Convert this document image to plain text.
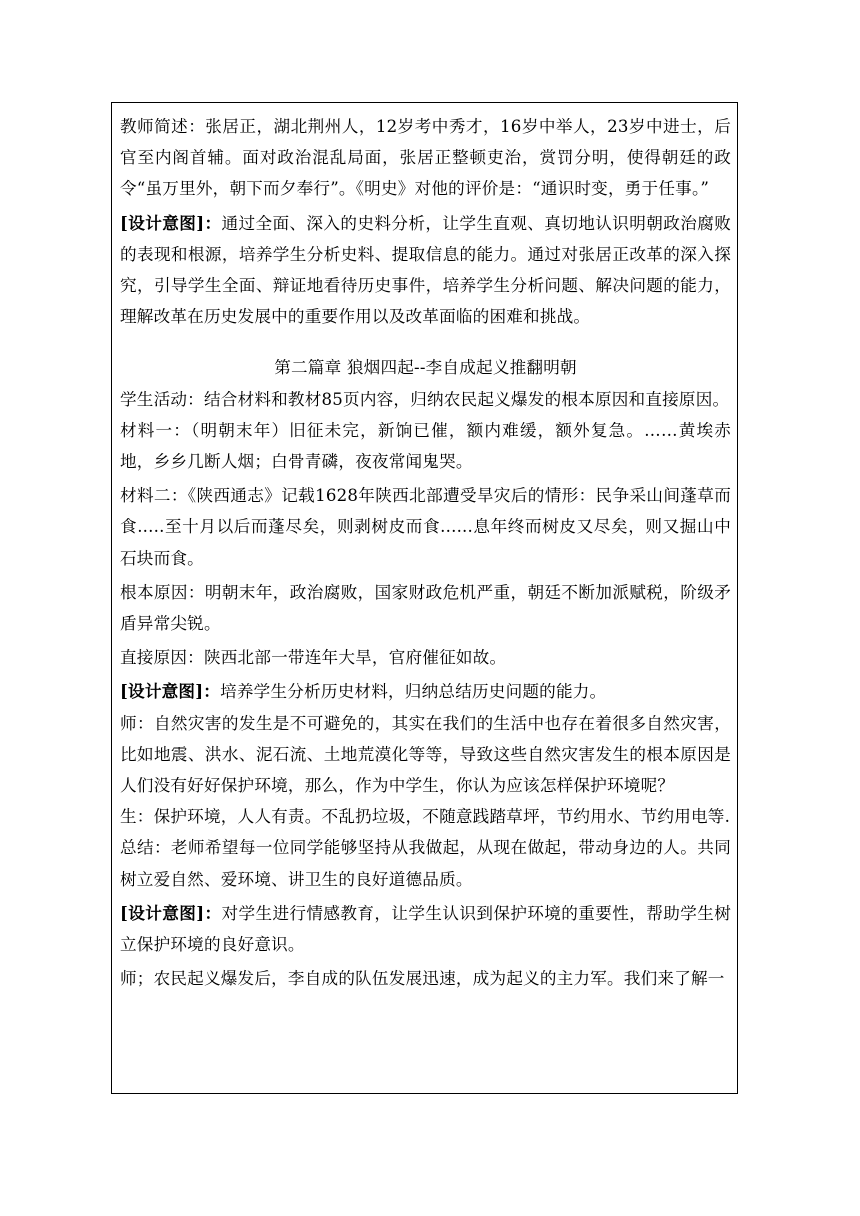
教师简述：张居正，湖北荆州人，12岁考中秀才，16岁中举人，23岁中进士，后官至内阁首辅。面对政治混乱局面，张居正整顿吏治，赏罚分明，使得朝廷的政令“虽万里外，朝下而夕奉行”。《明史》对他的评价是：“通识时变，勇于任事。”

[设计意图]：通过全面、深入的史料分析，让学生直观、真切地认识明朝政治腐败的表现和根源，培养学生分析史料、提取信息的能力。通过对张居正改革的深入探究，引导学生全面、辩证地看待历史事件，培养学生分析问题、解决问题的能力，理解改革在历史发展中的重要作用以及改革面临的困难和挑战。

第二篇章 狼烟四起--李自成起义推翻明朝

学生活动：结合材料和教材85页内容，归纳农民起义爆发的根本原因和直接原因。

材料一：（明朝末年）旧征未完，新饷已催，额内难缓，额外复急。……黄埃赤地，乡乡几断人烟；白骨青磷，夜夜常闻鬼哭。

材料二：《陕西通志》记载1628年陕西北部遭受旱灾后的情形：民争采山间蓬草而食.....至十月以后而蓬尽矣，则剥树皮而食......息年终而树皮又尽矣，则又掘山中石块而食。

根本原因：明朝末年，政治腐败，国家财政危机严重，朝廷不断加派赋税，阶级矛盾异常尖锐。

直接原因：陕西北部一带连年大旱，官府催征如故。

[设计意图]：培养学生分析历史材料，归纳总结历史问题的能力。

师：自然灾害的发生是不可避免的，其实在我们的生活中也存在着很多自然灾害，比如地震、洪水、泥石流、土地荒漠化等等，导致这些自然灾害发生的根本原因是人们没有好好保护环境，那么，作为中学生，你认为应该怎样保护环境呢？

生：保护环境，人人有责。不乱扔垃圾，不随意践踏草坪，节约用水、节约用电等.

总结：老师希望每一位同学能够坚持从我做起，从现在做起，带动身边的人。共同树立爱自然、爱环境、讲卫生的良好道德品质。

[设计意图]：对学生进行情感教育，让学生认识到保护环境的重要性，帮助学生树立保护环境的良好意识。

师；农民起义爆发后，李自成的队伍发展迅速，成为起义的主力军。我们来了解一
